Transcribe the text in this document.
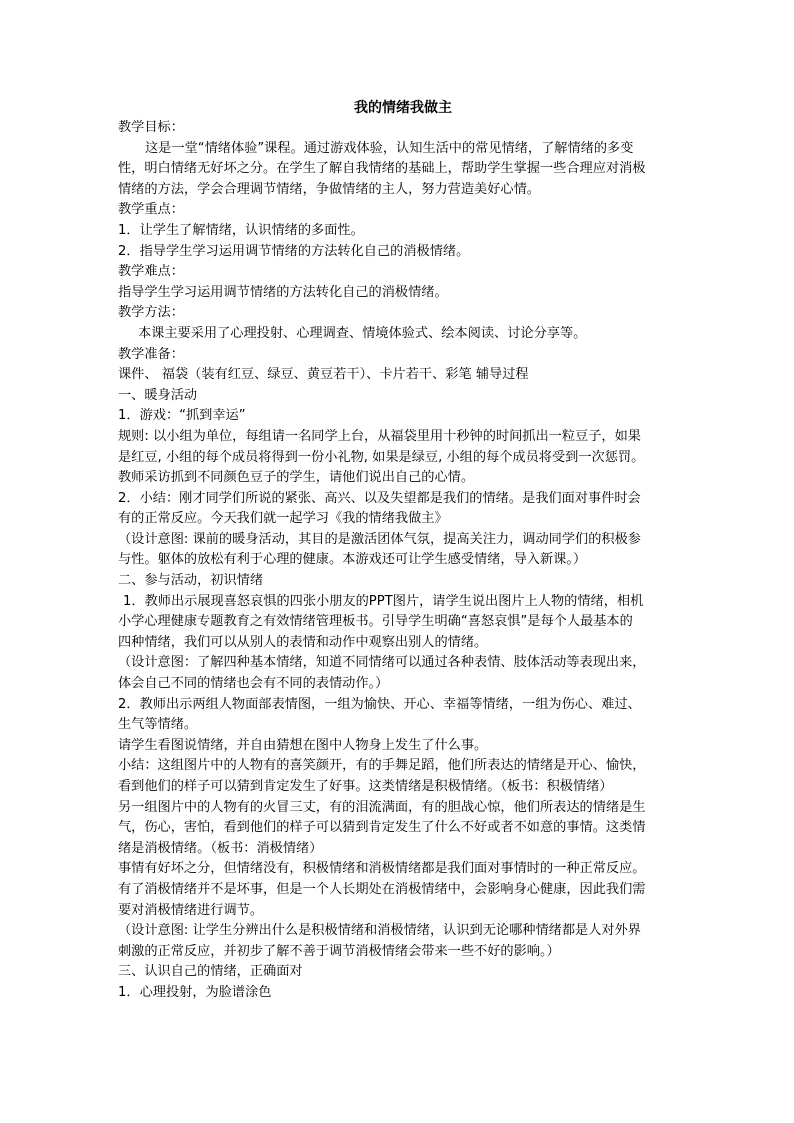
我的情绪我做主
教学目标：
这是一堂“情绪体验”课程。通过游戏体验，认知生活中的常见情绪，了解情绪的多变
性，明白情绪无好坏之分。在学生了解自我情绪的基础上，帮助学生掌握一些合理应对消极
情绪的方法，学会合理调节情绪，争做情绪的主人，努力营造美好心情。
教学重点：
1．让学生了解情绪，认识情绪的多面性。
2．指导学生学习运用调节情绪的方法转化自己的消极情绪。
教学难点：
指导学生学习运用调节情绪的方法转化自己的消极情绪。
教学方法：
本课主要采用了心理投射、心理调查、情境体验式、绘本阅读、讨论分享等。
教学准备：
课件、 福袋（装有红豆、绿豆、黄豆若干）、卡片若干、彩笔 辅导过程
一、暖身活动
1．游戏：“抓到幸运”
规则: 以小组为单位，每组请一名同学上台，从福袋里用十秒钟的时间抓出一粒豆子，如果
是红豆, 小组的每个成员将得到一份小礼物, 如果是绿豆, 小组的每个成员将受到一次惩罚。
教师采访抓到不同颜色豆子的学生，请他们说出自己的心情。
2．小结：刚才同学们所说的紧张、高兴、以及失望都是我们的情绪。是我们面对事件时会
有的正常反应。今天我们就一起学习《我的情绪我做主》
（设计意图: 课前的暖身活动，其目的是激活团体气氛，提高关注力，调动同学们的积极参
与性。躯体的放松有利于心理的健康。本游戏还可让学生感受情绪，导入新课。）
二、参与活动，初识情绪
1．教师出示展现喜怒哀惧的四张小朋友的PPT图片，请学生说出图片上人物的情绪，相机
小学心理健康专题教育之有效情绪管理板书。引导学生明确“喜怒哀惧”是每个人最基本的
四种情绪，我们可以从别人的表情和动作中观察出别人的情绪。
（设计意图：了解四种基本情绪，知道不同情绪可以通过各种表情、肢体活动等表现出来，
体会自己不同的情绪也会有不同的表情动作。）
2．教师出示两组人物面部表情图，一组为愉快、开心、幸福等情绪，一组为伤心、难过、
生气等情绪。
请学生看图说情绪，并自由猜想在图中人物身上发生了什么事。
小结：这组图片中的人物有的喜笑颜开，有的手舞足蹈，他们所表达的情绪是开心、愉快，
看到他们的样子可以猜到肯定发生了好事。这类情绪是积极情绪。（板书：积极情绪）
另一组图片中的人物有的火冒三丈，有的泪流满面，有的胆战心惊，他们所表达的情绪是生
气，伤心，害怕，看到他们的样子可以猜到肯定发生了什么不好或者不如意的事情。这类情
绪是消极情绪。（板书：消极情绪）
事情有好坏之分，但情绪没有，积极情绪和消极情绪都是我们面对事情时的一种正常反应。
有了消极情绪并不是坏事，但是一个人长期处在消极情绪中，会影响身心健康，因此我们需
要对消极情绪进行调节。
（设计意图: 让学生分辨出什么是积极情绪和消极情绪，认识到无论哪种情绪都是人对外界
刺激的正常反应，并初步了解不善于调节消极情绪会带来一些不好的影响。）
三、认识自己的情绪，正确面对
1．心理投射，为脸谱涂色
